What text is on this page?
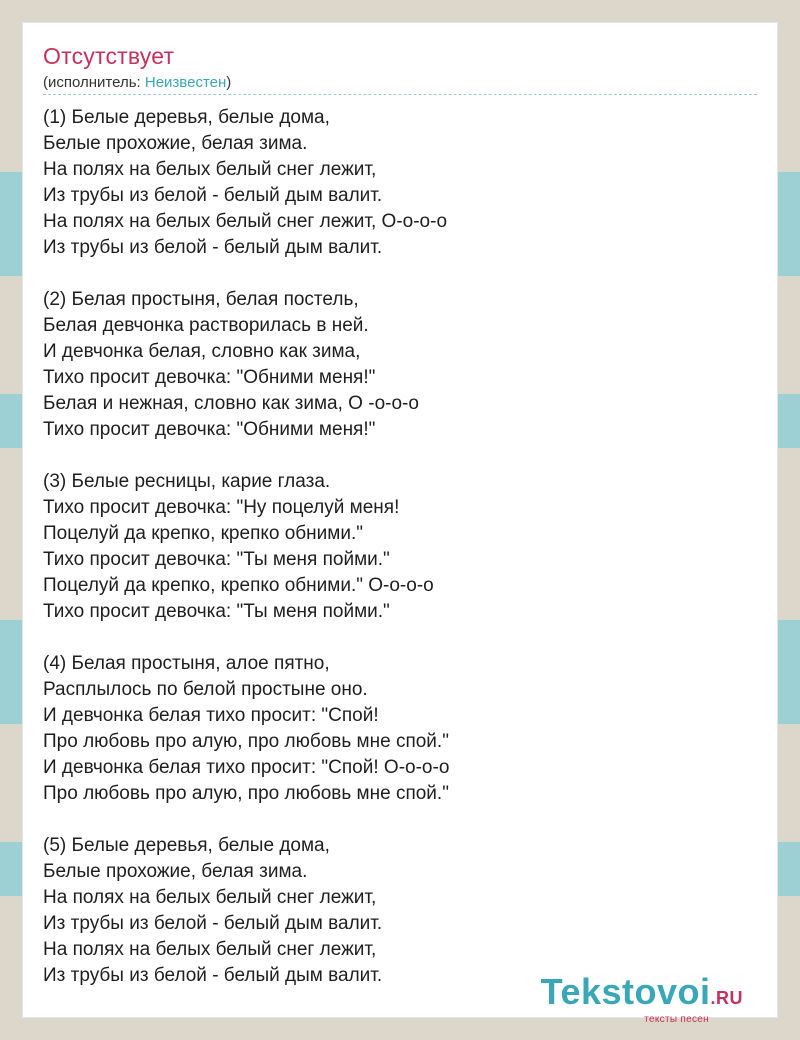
Отсутствует
(исполнитель: Неизвестен)
(1) Белые деревья, белые дома,
Белые прохожие, белая зима.
На полях на белых белый снег лежит,
Из трубы из белой - белый дым валит.
На полях на белых белый снег лежит, О-о-о-о
Из трубы из белой - белый дым валит.
(2) Белая простыня, белая постель,
Белая девчонка растворилась в ней.
И девчонка белая, словно как зима,
Тихо просит девочка: "Обними меня!"
Белая и нежная, словно как зима, О -о-о-о
Тихо просит девочка: "Обними меня!"
(3) Белые ресницы, карие глаза.
Тихо просит девочка: "Ну поцелуй меня!
Поцелуй да крепко, крепко обними."
Тихо просит девочка: "Ты меня пойми."
Поцелуй да крепко, крепко обними." О-о-о-о
Тихо просит девочка: "Ты меня пойми."
(4) Белая простыня, алое пятно,
Расплылось по белой простыне оно.
И девчонка белая тихо просит: "Спой!
Про любовь про алую, про любовь мне спой."
И девчонка белая тихо просит: "Спой! О-о-о-о
Про любовь про алую, про любовь мне спой."
(5) Белые деревья, белые дома,
Белые прохожие, белая зима.
На полях на белых белый снег лежит,
Из трубы из белой - белый дым валит.
На полях на белых белый снег лежит,
Из трубы из белой - белый дым валит.	Tekstovoi.RU
тексты песен
